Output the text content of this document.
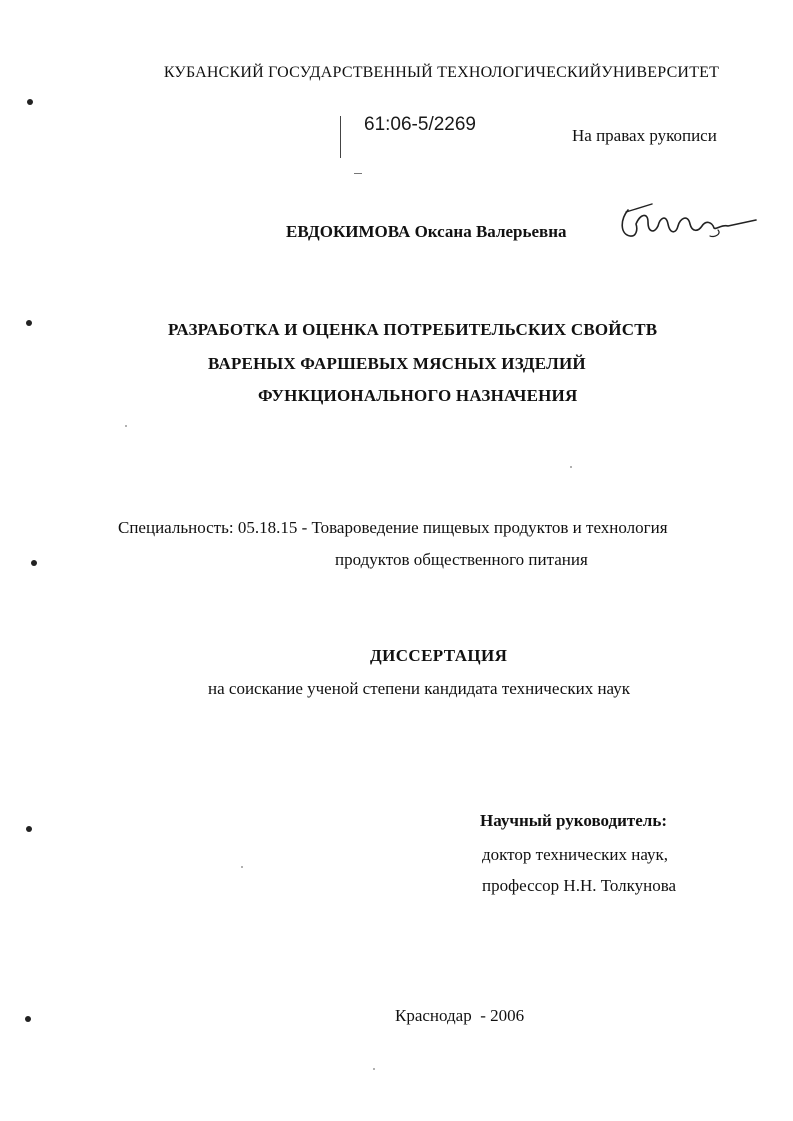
КУБАНСКИЙ ГОСУДАРСТВЕННЫЙ ТЕХНОЛОГИЧЕСКИЙУНИВЕРСИТЕТ
61:06-5/2269
На правах рукописи
ЕВДОКИМОВА Оксана Валерьевна
РАЗРАБОТКА И ОЦЕНКА ПОТРЕБИТЕЛЬСКИХ СВОЙСТВ
ВАРЕНЫХ ФАРШЕВЫХ МЯСНЫХ ИЗДЕЛИЙ
ФУНКЦИОНАЛЬНОГО НАЗНАЧЕНИЯ
Специальность: 05.18.15 - Товароведение пищевых продуктов и технология
продуктов общественного питания
ДИССЕРТАЦИЯ
на соискание ученой степени кандидата технических наук
Научный руководитель:
доктор технических наук,
профессор Н.Н. Толкунова
Краснодар  - 2006
